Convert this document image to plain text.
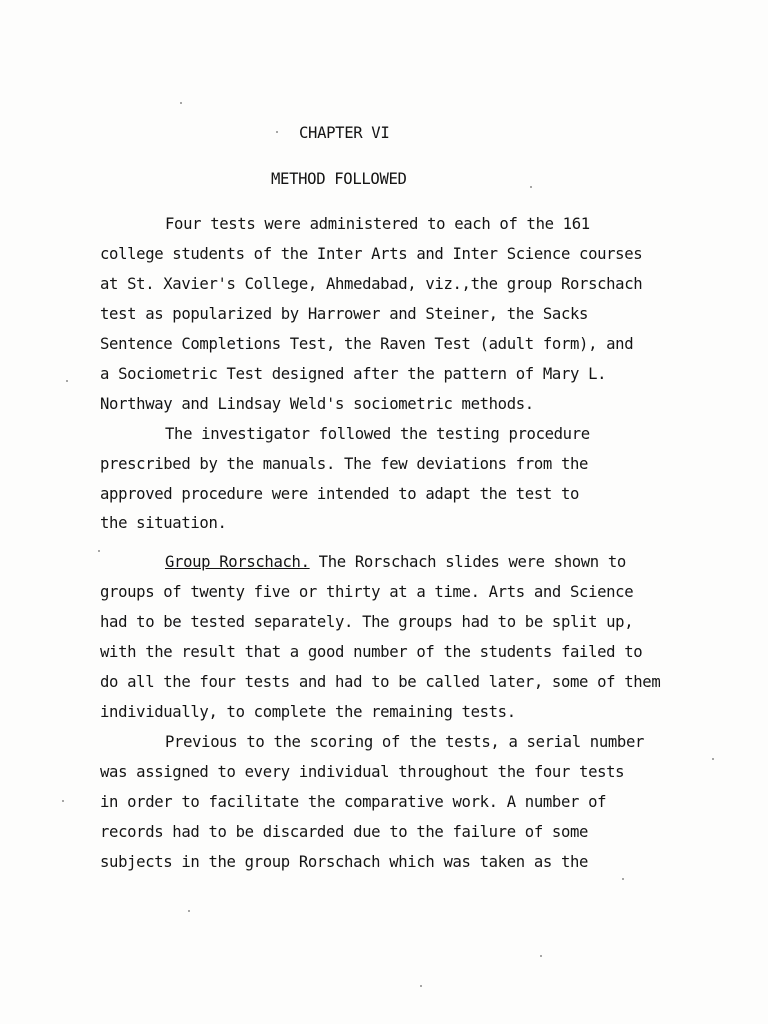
CHAPTER VI
METHOD FOLLOWED
Four tests were administered to each of the 161
college students of the Inter Arts and Inter Science courses
at St. Xavier's College, Ahmedabad, viz.,the group Rorschach
test as popularized by Harrower and Steiner, the Sacks
Sentence Completions Test, the Raven Test (adult form), and
a Sociometric Test designed after the pattern of Mary L.
Northway and Lindsay Weld's sociometric methods.
The investigator followed the testing procedure
prescribed by the manuals. The few deviations from the
approved procedure were intended to adapt the test to
the situation.
Group Rorschach. The Rorschach slides were shown to
groups of twenty five or thirty at a time. Arts and Science
had to be tested separately. The groups had to be split up,
with the result that a good number of the students failed to
do all the four tests and had to be called later, some of them
individually, to complete the remaining tests.
Previous to the scoring of the tests, a serial number
was assigned to every individual throughout the four tests
in order to facilitate the comparative work. A number of
records had to be discarded due to the failure of some
subjects in the group Rorschach which was taken as the
